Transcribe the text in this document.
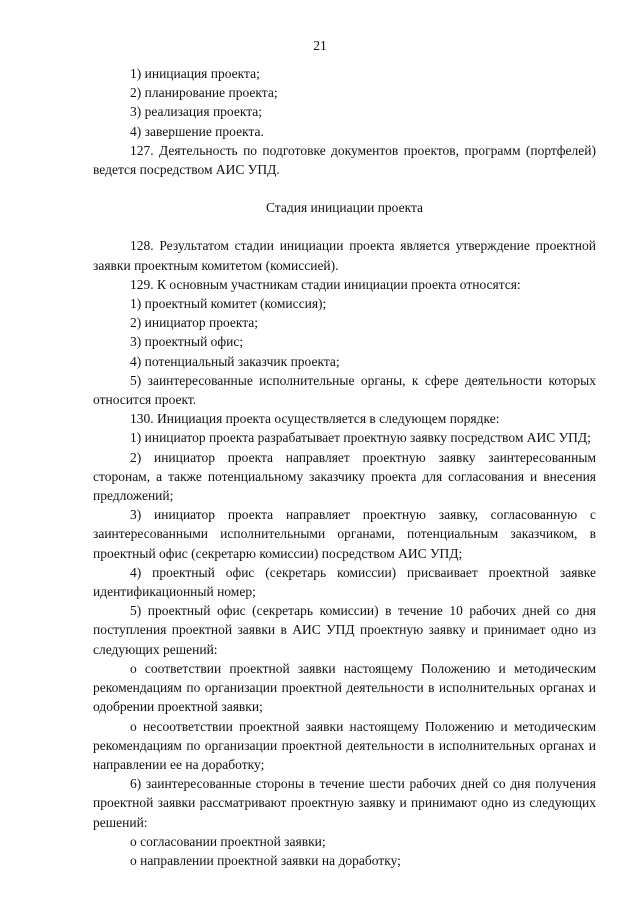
21

1) инициация проекта;

2) планирование проекта;

3) реализация проекта;

4) завершение проекта.

127. Деятельность по подготовке документов проектов, программ (портфелей) ведется посредством АИС УПД.

Стадия инициации проекта

128. Результатом стадии инициации проекта является утверждение проектной заявки проектным комитетом (комиссией).

129. К основным участникам стадии инициации проекта относятся:

1) проектный комитет (комиссия);

2) инициатор проекта;

3) проектный офис;

4) потенциальный заказчик проекта;

5) заинтересованные исполнительные органы, к сфере деятельности которых относится проект.

130. Инициация проекта осуществляется в следующем порядке:

1) инициатор проекта разрабатывает проектную заявку посредством АИС УПД;

2) инициатор проекта направляет проектную заявку заинтересованным сторонам, а также потенциальному заказчику проекта для согласования и внесения предложений;

3) инициатор проекта направляет проектную заявку, согласованную с заинтересованными исполнительными органами, потенциальным заказчиком, в проектный офис (секретарю комиссии) посредством АИС УПД;

4) проектный офис (секретарь комиссии) присваивает проектной заявке идентификационный номер;

5) проектный офис (секретарь комиссии) в течение 10 рабочих дней со дня поступления проектной заявки в АИС УПД проектную заявку и принимает одно из следующих решений:

о соответствии проектной заявки настоящему Положению и методическим рекомендациям по организации проектной деятельности в исполнительных органах и одобрении проектной заявки;

о несоответствии проектной заявки настоящему Положению и методическим рекомендациям по организации проектной деятельности в исполнительных органах и направлении ее на доработку;

6) заинтересованные стороны в течение шести рабочих дней со дня получения проектной заявки рассматривают проектную заявку и принимают одно из следующих решений:

о согласовании проектной заявки;

о направлении проектной заявки на доработку;
